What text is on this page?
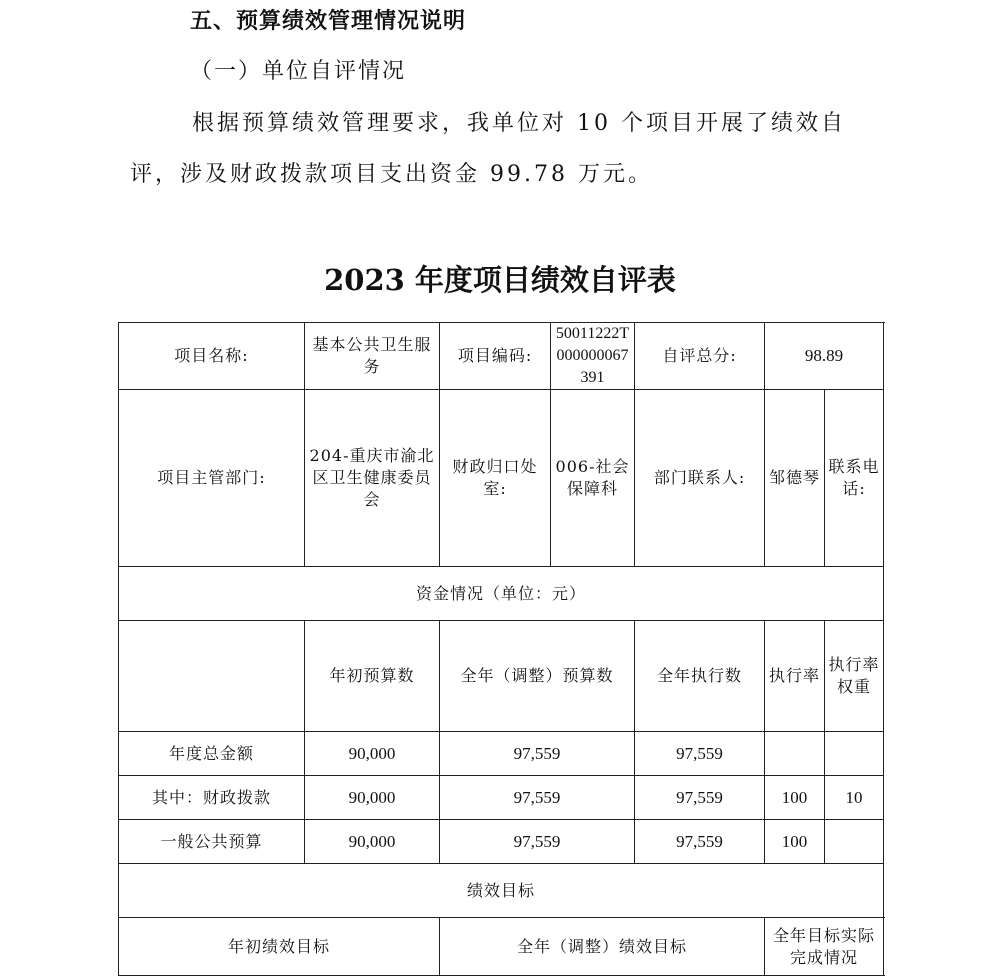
五、预算绩效管理情况说明
（一）单位自评情况
根据预算绩效管理要求，我单位对 10 个项目开展了绩效自评，涉及财政拨款项目支出资金 99.78 万元。
2023 年度项目绩效自评表
项目名称:	基本公共卫生服务	项目编码:	50011222T000000067391	自评总分:	98.89		
项目主管部门:	204-重庆市渝北区卫生健康委员会	财政归口处室:	006-社会保障科	部门联系人:	邹德琴	联系电话:	
资金情况（单位：元）							
	年初预算数	全年（调整）预算数		全年执行数	执行率	执行率权重	
年度总金额	90,000	97,559		97,559			
其中：财政拨款	90,000	97,559		97,559	100	10	
一般公共预算	90,000	97,559		97,559	100		
绩效目标							
年初绩效目标		全年（调整）绩效目标			全年目标实际完成情况		
